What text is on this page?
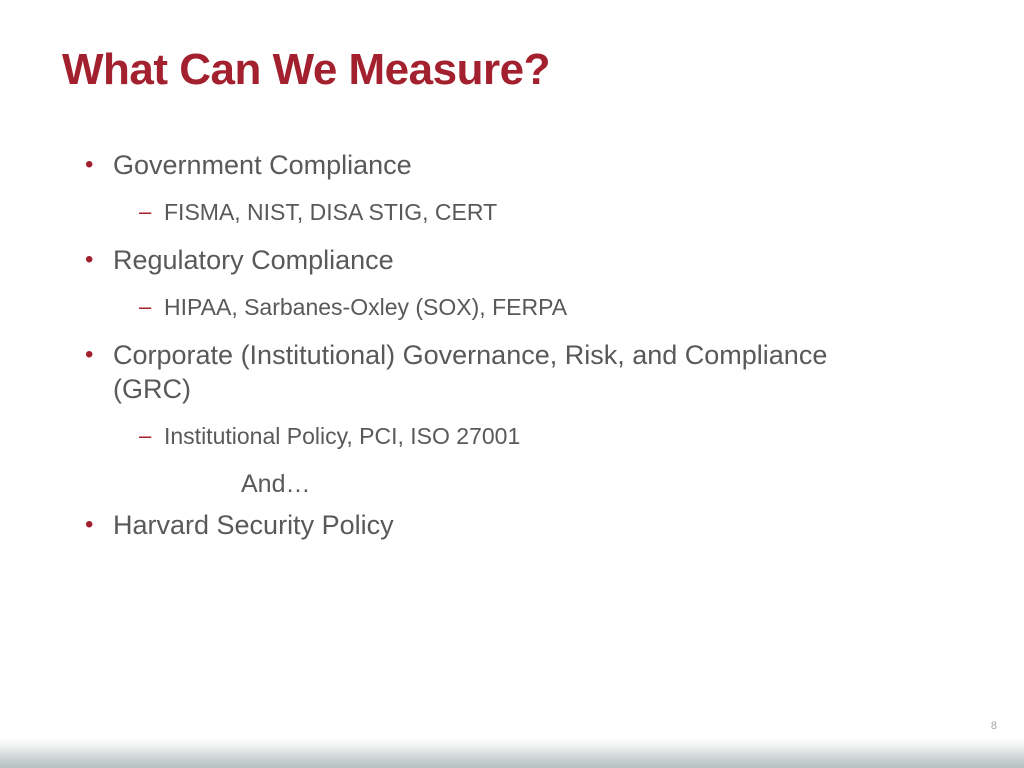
What Can We Measure?
• Government Compliance
– FISMA, NIST, DISA STIG, CERT
• Regulatory Compliance
– HIPAA, Sarbanes-Oxley (SOX), FERPA
• Corporate (Institutional) Governance, Risk, and Compliance
(GRC)
– Institutional Policy, PCI, ISO 27001
And…
• Harvard Security Policy
8
